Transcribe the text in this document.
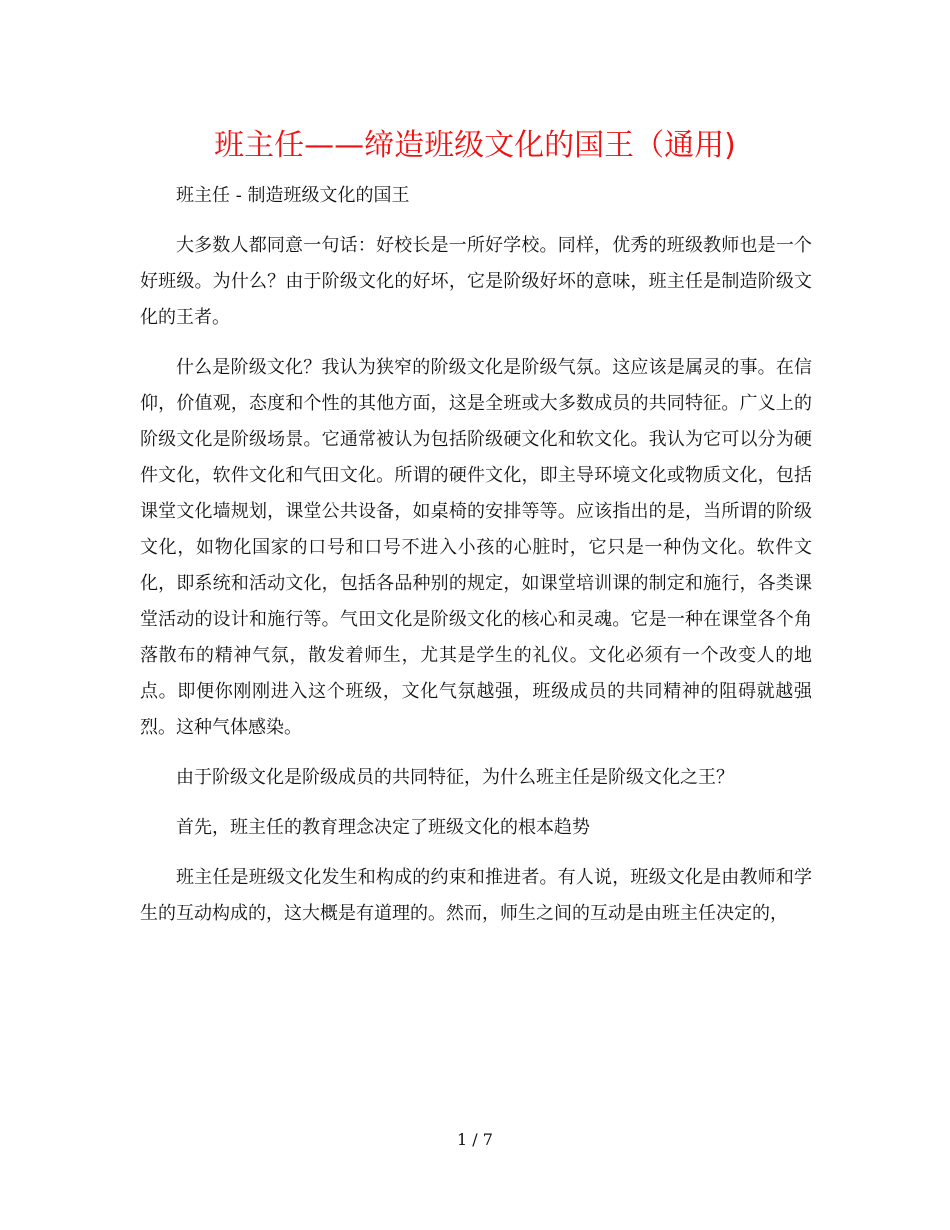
班主任——缔造班级文化的国王（通用)

班主任 - 制造班级文化的国王

大多数人都同意一句话：好校长是一所好学校。同样，优秀的班级教师也是一个好班级。为什么？由于阶级文化的好坏，它是阶级好坏的意味，班主任是制造阶级文化的王者。

什么是阶级文化？我认为狭窄的阶级文化是阶级气氛。这应该是属灵的事。在信仰，价值观，态度和个性的其他方面，这是全班或大多数成员的共同特征。广义上的阶级文化是阶级场景。它通常被认为包括阶级硬文化和软文化。我认为它可以分为硬件文化，软件文化和气田文化。所谓的硬件文化，即主导环境文化或物质文化，包括课堂文化墙规划，课堂公共设备，如桌椅的安排等等。应该指出的是，当所谓的阶级文化，如物化国家的口号和口号不进入小孩的心脏时，它只是一种伪文化。软件文化，即系统和活动文化，包括各品种别的规定，如课堂培训课的制定和施行，各类课堂活动的设计和施行等。气田文化是阶级文化的核心和灵魂。它是一种在课堂各个角落散布的精神气氛，散发着师生，尤其是学生的礼仪。文化必须有一个改变人的地点。即便你刚刚进入这个班级，文化气氛越强，班级成员的共同精神的阻碍就越强烈。这种气体感染。

由于阶级文化是阶级成员的共同特征，为什么班主任是阶级文化之王？

首先，班主任的教育理念决定了班级文化的根本趋势

班主任是班级文化发生和构成的约束和推进者。有人说，班级文化是由教师和学生的互动构成的，这大概是有道理的。然而，师生之间的互动是由班主任决定的，

1 / 7
